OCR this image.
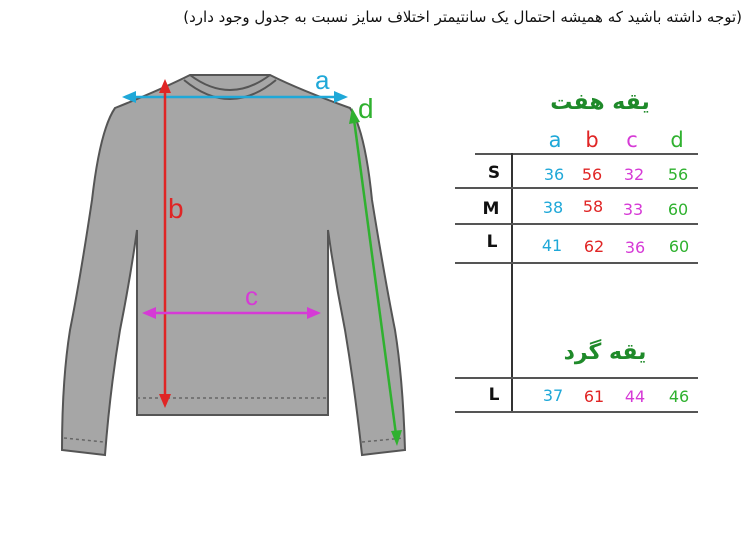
(توجه داشته باشید که همیشه احتمال یک سانتیمتر اختلاف سایز نسبت به جدول وجود دارد)
a
b
c
d	یقه هفت
a	b	c	d
S	36	56	32	56
M	38	58	33	60
L	41	62	36	60
یقه گرد
L	37	61	44	46
